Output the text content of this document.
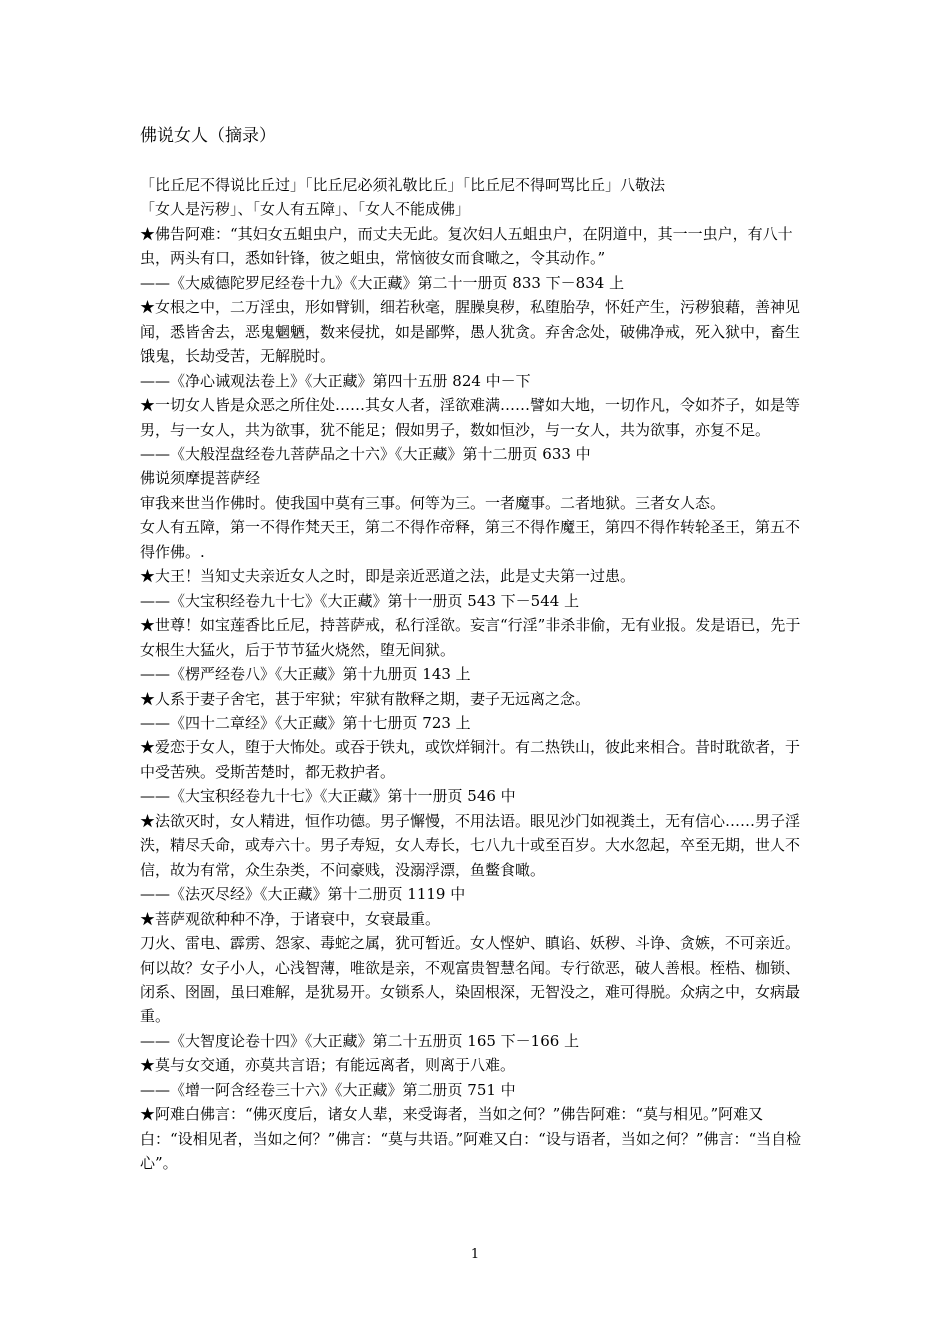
佛说女人（摘录）

「比丘尼不得说比丘过」「比丘尼必须礼敬比丘」「比丘尼不得呵骂比丘」八敬法

「女人是污秽」、「女人有五障」、「女人不能成佛」

★佛告阿难：“其妇女五蛆虫户，而丈夫无此。复次妇人五蛆虫户，在阴道中，其一一虫户，有八十虫，两头有口，悉如针锋，彼之蛆虫，常恼彼女而食噉之，令其动作。”

——《大威德陀罗尼经卷十九》《大正藏》第二十一册页 833 下－834 上

★女根之中，二万淫虫，形如臂钏，细若秋毫，腥臊臭秽，私堕胎孕，怀妊产生，污秽狼藉，善神见闻，悉皆舍去，恶鬼魍魉，数来侵扰，如是鄙弊，愚人犹贪。弃舍念处，破佛净戒，死入狱中，畜生饿鬼，长劫受苦，无解脱时。

——《净心诫观法卷上》《大正藏》第四十五册 824 中－下

★一切女人皆是众恶之所住处……其女人者，淫欲难满……譬如大地，一切作凡，令如芥子，如是等男，与一女人，共为欲事，犹不能足；假如男子，数如恒沙，与一女人，共为欲事，亦复不足。

——《大般涅盘经卷九菩萨品之十六》《大正藏》第十二册页 633 中

佛说须摩提菩萨经

审我来世当作佛时。使我国中莫有三事。何等为三。一者魔事。二者地狱。三者女人态。

女人有五障，第一不得作梵天王，第二不得作帝释，第三不得作魔王，第四不得作转轮圣王，第五不得作佛。.

★大王！当知丈夫亲近女人之时，即是亲近恶道之法，此是丈夫第一过患。

——《大宝积经卷九十七》《大正藏》第十一册页 543 下－544 上

★世尊！如宝莲香比丘尼，持菩萨戒，私行淫欲。妄言“行淫”非杀非偷，无有业报。发是语已，先于女根生大猛火，后于节节猛火烧然，堕无间狱。

——《楞严经卷八》《大正藏》第十九册页 143 上

★人系于妻子舍宅，甚于牢狱；牢狱有散释之期，妻子无远离之念。

——《四十二章经》《大正藏》第十七册页 723 上

★爱恋于女人，堕于大怖处。或吞于铁丸，或饮烊铜汁。有二热铁山，彼此来相合。昔时耽欲者，于中受苦殃。受斯苦楚时，都无救护者。

——《大宝积经卷九十七》《大正藏》第十一册页 546 中

★法欲灭时，女人精进，恒作功德。男子懈慢，不用法语。眼见沙门如视粪土，无有信心……男子淫泆，精尽夭命，或寿六十。男子寿短，女人寿长，七八九十或至百岁。大水忽起，卒至无期，世人不信，故为有常，众生杂类，不问豪贱，没溺浮漂，鱼鳖食噉。

——《法灭尽经》《大正藏》第十二册页 1119 中

★菩萨观欲种种不净，于诸衰中，女衰最重。

刀火、雷电、霹雳、怨家、毒蛇之属，犹可暂近。女人悭妒、瞋谄、妖秽、斗诤、贪嫉，不可亲近。何以故？女子小人，心浅智薄，唯欲是亲，不观富贵智慧名闻。专行欲恶，破人善根。桎梏、枷锁、闭系、囹圄，虽曰难解，是犹易开。女锁系人，染固根深，无智没之，难可得脱。众病之中，女病最重。

——《大智度论卷十四》《大正藏》第二十五册页 165 下－166 上

★莫与女交通，亦莫共言语；有能远离者，则离于八难。

——《增一阿含经卷三十六》《大正藏》第二册页 751 中

★阿难白佛言：“佛灭度后，诸女人辈，来受诲者，当如之何？”佛告阿难：“莫与相见。”阿难又白：“设相见者，当如之何？”佛言：“莫与共语。”阿难又白：“设与语者，当如之何？”佛言：“当自检心”。

1
